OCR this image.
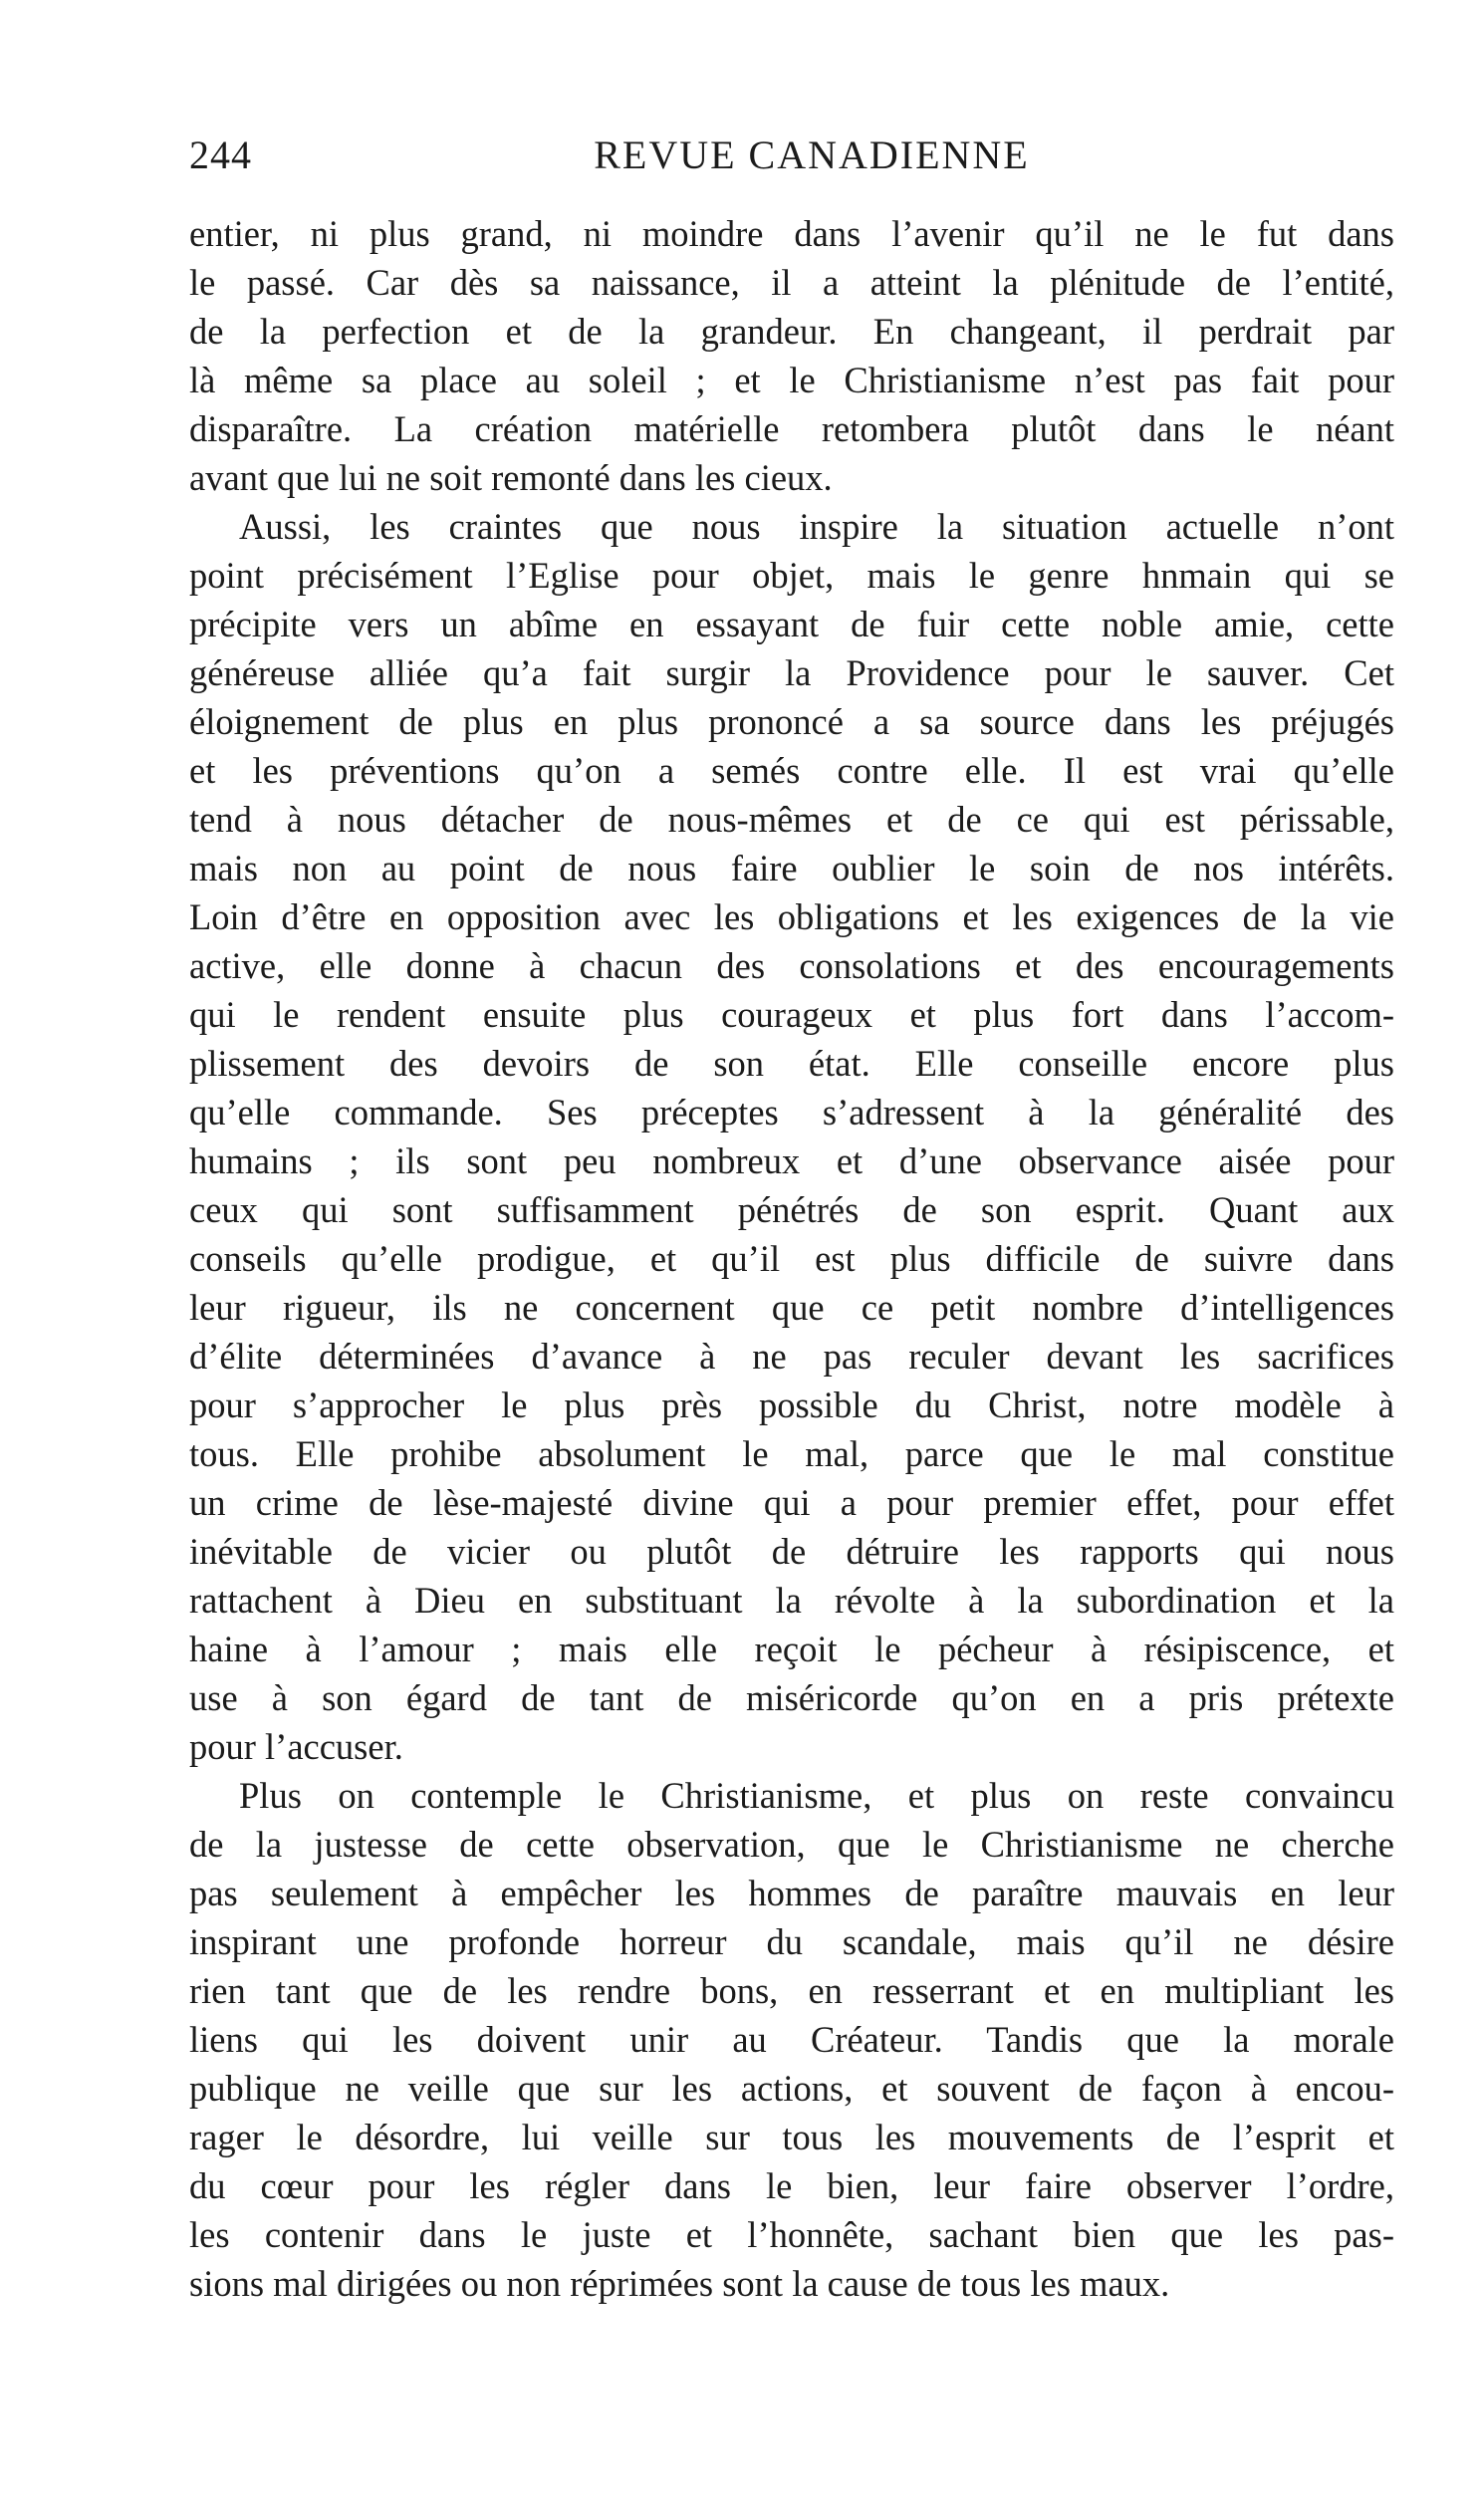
244	REVUE CANADIENNE
entier, ni plus grand, ni moindre dans l’avenir qu’il ne le fut dans
le passé. Car dès sa naissance, il a atteint la plénitude de l’entité,
de la perfection et de la grandeur. En changeant, il perdrait par
là même sa place au soleil ; et le Christianisme n’est pas fait pour
disparaître. La création matérielle retombera plutôt dans le néant
avant que lui ne soit remonté dans les cieux.
Aussi, les craintes que nous inspire la situation actuelle n’ont
point précisément l’Eglise pour objet, mais le genre hnmain qui se
précipite vers un abîme en essayant de fuir cette noble amie, cette
généreuse alliée qu’a fait surgir la Providence pour le sauver. Cet
éloignement de plus en plus prononcé a sa source dans les préjugés
et les préventions qu’on a semés contre elle. Il est vrai qu’elle
tend à nous détacher de nous-mêmes et de ce qui est périssable,
mais non au point de nous faire oublier le soin de nos intérêts.
Loin d’être en opposition avec les obligations et les exigences de la vie
active, elle donne à chacun des consolations et des encouragements
qui le rendent ensuite plus courageux et plus fort dans l’accom-
plissement des devoirs de son état. Elle conseille encore plus
qu’elle commande. Ses préceptes s’adressent à la généralité des
humains ; ils sont peu nombreux et d’une observance aisée pour
ceux qui sont suffisamment pénétrés de son esprit. Quant aux
conseils qu’elle prodigue, et qu’il est plus difficile de suivre dans
leur rigueur, ils ne concernent que ce petit nombre d’intelligences
d’élite déterminées d’avance à ne pas reculer devant les sacrifices
pour s’approcher le plus près possible du Christ, notre modèle à
tous. Elle prohibe absolument le mal, parce que le mal constitue
un crime de lèse-majesté divine qui a pour premier effet, pour effet
inévitable de vicier ou plutôt de détruire les rapports qui nous
rattachent à Dieu en substituant la révolte à la subordination et la
haine à l’amour ; mais elle reçoit le pécheur à résipiscence, et
use à son égard de tant de miséricorde qu’on en a pris prétexte
pour l’accuser.
Plus on contemple le Christianisme, et plus on reste convaincu
de la justesse de cette observation, que le Christianisme ne cherche
pas seulement à empêcher les hommes de paraître mauvais en leur
inspirant une profonde horreur du scandale, mais qu’il ne désire
rien tant que de les rendre bons, en resserrant et en multipliant les
liens qui les doivent unir au Créateur. Tandis que la morale
publique ne veille que sur les actions, et souvent de façon à encou-
rager le désordre, lui veille sur tous les mouvements de l’esprit et
du cœur pour les régler dans le bien, leur faire observer l’ordre,
les contenir dans le juste et l’honnête, sachant bien que les pas-
sions mal dirigées ou non réprimées sont la cause de tous les maux.
